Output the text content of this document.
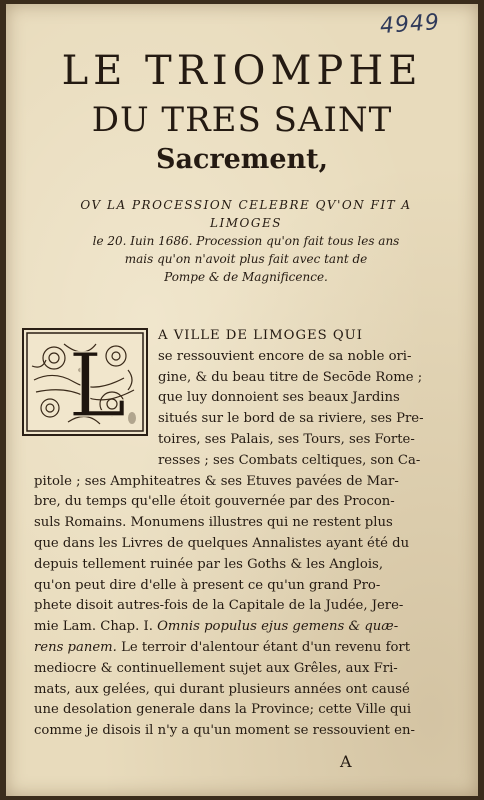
4949
LE TRIOMPHE
DU TRES SAINT
Sacrement,
OV LA PROCESSION CELEBRE QV'ON FIT A LIMOGES
le 20. Iuin 1686. Procession qu'on fait tous les ans
mais qu'on n'avoit plus fait avec tant de
Pompe & de Magnificence.
L A VILLE DE LIMOGES QUI
se ressouvient encore de sa noble ori-
gine, & du beau titre de Secōde Rome ;
que luy donnoient ses beaux Jardins
situés sur le bord de sa riviere, ses Pre-
toires, ses Palais, ses Tours, ses Forte-
resses ; ses Combats celtiques, son Ca-
pitole ; ses Amphiteatres & ses Etuves pavées de Mar-
bre, du temps qu'elle étoit gouvernée par des Procon-
suls Romains. Monumens illustres qui ne restent plus
que dans les Livres de quelques Annalistes ayant été du
depuis tellement ruinée par les Goths & les Anglois,
qu'on peut dire d'elle à present ce qu'un grand Pro-
phete disoit autres-fois de la Capitale de la Judée, Jere-
mie Lam. Chap. I. Omnis populus ejus gemens & quæ-
rens panem. Le terroir d'alentour étant d'un revenu fort
mediocre & continuellement sujet aux Grêles, aux Fri-
mats, aux gelées, qui durant plusieurs années ont causé
une desolation generale dans la Province; cette Ville qui
comme je disois il n'y a qu'un moment se ressouvient en-
A
